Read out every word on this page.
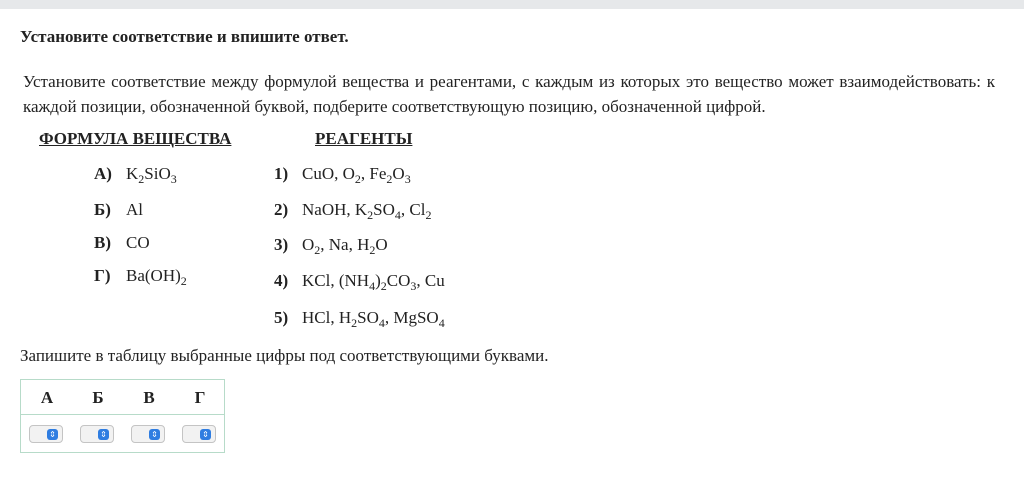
Установите соответствие и впишите ответ.
Установите соответствие между формулой вещества и реагентами, с каждым из которых это вещество может взаимодействовать: к каждой позиции, обозначенной буквой, подберите соответствующую позицию, обозначенной цифрой.
ФОРМУЛА ВЕЩЕСТВА	РЕАГЕНТЫ
А) $K_2SiO_3$
Б) Al
В) CO
Г) $Ba(OH)_2$
1) CuO, $O_2$, $Fe_2O_3$
2) NaOH, $K_2SO_4$, $Cl_2$
3) $O_2$, Na, $H_2O$
4) KCl, $(NH_4)_2CO_3$, Cu
5) HCl, $H_2SO_4$, MgSO$_4$
Запишите в таблицу выбранные цифры под соответствующими буквами.
А	Б	В	Г
⇕	⇕	⇕	⇕
